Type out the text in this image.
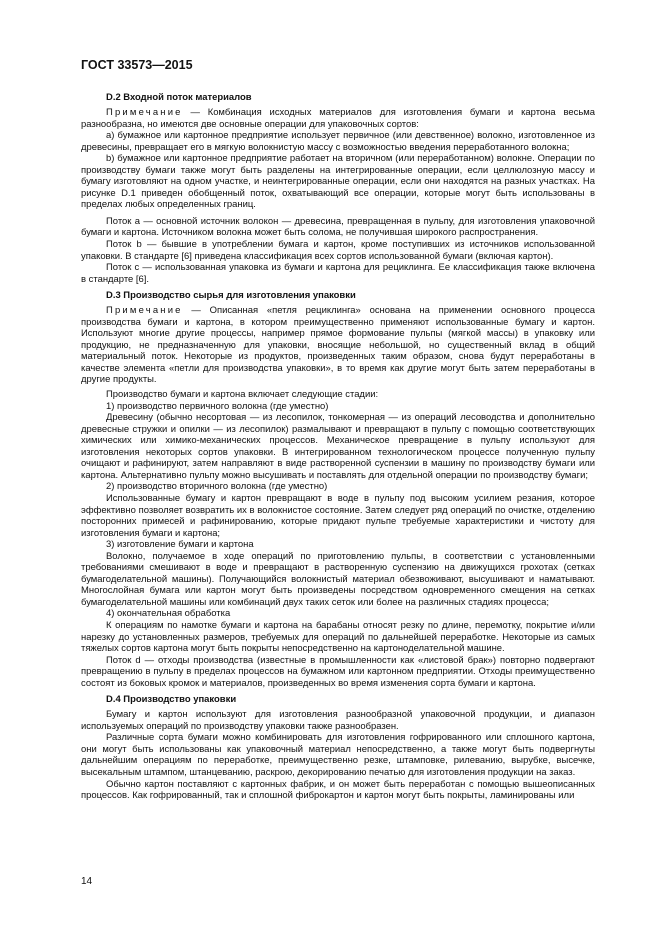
ГОСТ 33573—2015

D.2 Входной поток материалов

Примечание — Комбинация исходных материалов для изготовления бумаги и картона весьма разнообразна, но имеются две основные операции для упаковочных сортов:

а) бумажное или картонное предприятие использует первичное (или девственное) волокно, изготовленное из древесины, превращает его в мягкую волокнистую массу с возможностью введения переработанного волокна;

b) бумажное или картонное предприятие работает на вторичном (или переработанном) волокне. Операции по производству бумаги также могут быть разделены на интегрированные операции, если целлюлозную массу и бумагу изготовляют на одном участке, и неинтегрированные операции, если они находятся на разных участках. На рисунке D.1 приведен обобщенный поток, охватывающий все операции, которые могут быть использованы в пределах любых определенных границ.

Поток а — основной источник волокон — древесина, превращенная в пульпу, для изготовления упаковочной бумаги и картона. Источником волокна может быть солома, не получившая широкого распространения.

Поток b — бывшие в употреблении бумага и картон, кроме поступивших из источников использованной упаковки. В стандарте [6] приведена классификация всех сортов использованной бумаги (включая картон).

Поток c — использованная упаковка из бумаги и картона для рециклинга. Ее классификация также включена в стандарте [6].

D.3 Производство сырья для изготовления упаковки

Примечание — Описанная «петля рециклинга» основана на применении основного процесса производства бумаги и картона, в котором преимущественно применяют использованные бумагу и картон. Используют многие другие процессы, например прямое формование пульпы (мягкой массы) в упаковку или продукцию, не предназначенную для упаковки, вносящие небольшой, но существенный вклад в общий материальный поток. Некоторые из продуктов, произведенных таким образом, снова будут переработаны в качестве элемента «петли для производства упаковки», в то время как другие могут быть затем переработаны в другие продукты.

Производство бумаги и картона включает следующие стадии:

1) производство первичного волокна (где уместно)

Древесину (обычно несортовая — из лесопилок, тонкомерная — из операций лесоводства и дополнительно древесные стружки и опилки — из лесопилок) размалывают и превращают в пульпу с помощью соответствующих химических или химико-механических процессов. Механическое превращение в пульпу используют для изготовления некоторых сортов упаковки. В интегрированном технологическом процессе полученную пульпу очищают и рафинируют, затем направляют в виде растворенной суспензии в машину по производству бумаги или картона. Альтернативно пульпу можно высушивать и поставлять для отдельной операции по производству бумаги;

2) производство вторичного волокна (где уместно)

Использованные бумагу и картон превращают в воде в пульпу под высоким усилием резания, которое эффективно позволяет возвратить их в волокнистое состояние. Затем следует ряд операций по очистке, отделению посторонних примесей и рафинированию, которые придают пульпе требуемые характеристики и чистоту для изготовления бумаги и картона;

3) изготовление бумаги и картона

Волокно, получаемое в ходе операций по приготовлению пульпы, в соответствии с установленными требованиями смешивают в воде и превращают в растворенную суспензию на движущихся грохотах (сетках бумагоделательной машины). Получающийся волокнистый материал обезвоживают, высушивают и наматывают. Многослойная бумага или картон могут быть произведены посредством одновременного смещения на сетках бумагоделательной машины или комбинаций двух таких сеток или более на различных стадиях процесса;

4) окончательная обработка

К операциям по намотке бумаги и картона на барабаны относят резку по длине, перемотку, покрытие и/или нарезку до установленных размеров, требуемых для операций по дальнейшей переработке. Некоторые из самых тяжелых сортов картона могут быть покрыты непосредственно на картоноделательной машине.

Поток d — отходы производства (известные в промышленности как «листовой брак») повторно подвергают превращению в пульпу в пределах процессов на бумажном или картонном предприятии. Отходы преимущественно состоят из боковых кромок и материалов, произведенных во время изменения сорта бумаги и картона.

D.4 Производство упаковки

Бумагу и картон используют для изготовления разнообразной упаковочной продукции, и диапазон используемых операций по производству упаковки также разнообразен.

Различные сорта бумаги можно комбинировать для изготовления гофрированного или сплошного картона, они могут быть использованы как упаковочный материал непосредственно, а также могут быть подвергнуты дальнейшим операциям по переработке, преимущественно резке, штамповке, рилеванию, вырубке, высечке, высекальным штампом, штанцеванию, раскрою, декорированию печатью для изготовления продукции на заказ.

Обычно картон поставляют с картонных фабрик, и он может быть переработан с помощью вышеописанных процессов. Как гофрированный, так и сплошной фиброкартон и картон могут быть покрыты, ламинированы или

14
